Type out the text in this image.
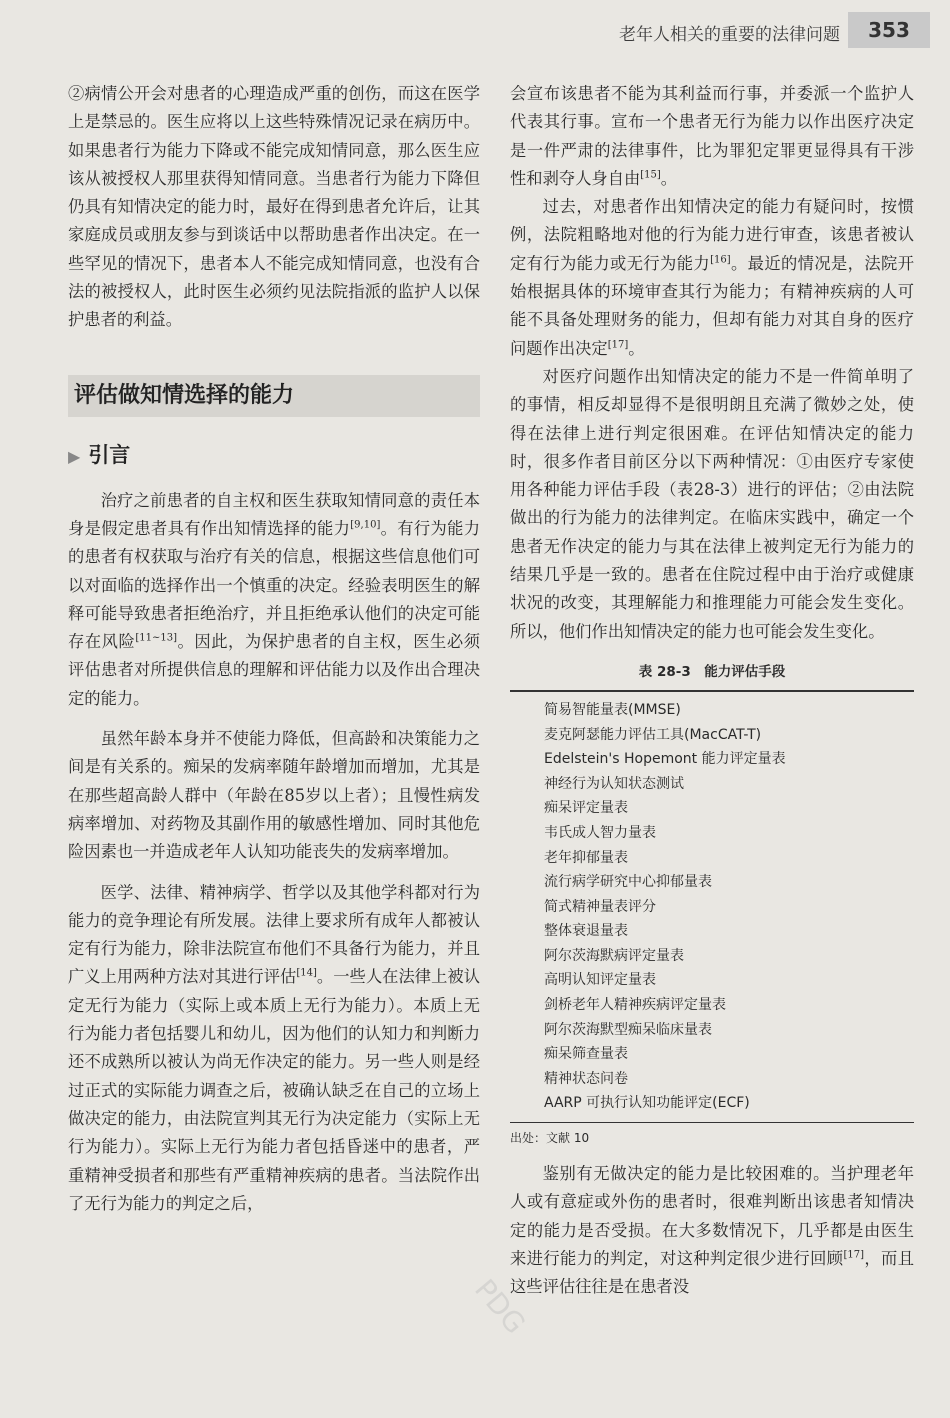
老年人相关的重要的法律问题	353

②病情公开会对患者的心理造成严重的创伤，而这在医学上是禁忌的。医生应将以上这些特殊情况记录在病历中。如果患者行为能力下降或不能完成知情同意，那么医生应该从被授权人那里获得知情同意。当患者行为能力下降但仍具有知情决定的能力时，最好在得到患者允许后，让其家庭成员或朋友参与到谈话中以帮助患者作出决定。在一些罕见的情况下，患者本人不能完成知情同意，也没有合法的被授权人，此时医生必须约见法院指派的监护人以保护患者的利益。

评估做知情选择的能力
▶ 引言

治疗之前患者的自主权和医生获取知情同意的责任本身是假定患者具有作出知情选择的能力[9,10]。有行为能力的患者有权获取与治疗有关的信息，根据这些信息他们可以对面临的选择作出一个慎重的决定。经验表明医生的解释可能导致患者拒绝治疗，并且拒绝承认他们的决定可能存在风险[11~13]。因此，为保护患者的自主权，医生必须评估患者对所提供信息的理解和评估能力以及作出合理决定的能力。

虽然年龄本身并不使能力降低，但高龄和决策能力之间是有关系的。痴呆的发病率随年龄增加而增加，尤其是在那些超高龄人群中（年龄在85岁以上者）；且慢性病发病率增加、对药物及其副作用的敏感性增加、同时其他危险因素也一并造成老年人认知功能丧失的发病率增加。

医学、法律、精神病学、哲学以及其他学科都对行为能力的竞争理论有所发展。法律上要求所有成年人都被认定有行为能力，除非法院宣布他们不具备行为能力，并且广义上用两种方法对其进行评估[14]。一些人在法律上被认定无行为能力（实际上或本质上无行为能力）。本质上无行为能力者包括婴儿和幼儿，因为他们的认知力和判断力还不成熟所以被认为尚无作决定的能力。另一些人则是经过正式的实际能力调查之后，被确认缺乏在自己的立场上做决定的能力，由法院宣判其无行为决定能力（实际上无行为能力）。实际上无行为能力者包括昏迷中的患者，严重精神受损者和那些有严重精神疾病的患者。当法院作出了无行为能力的判定之后，

会宣布该患者不能为其利益而行事，并委派一个监护人代表其行事。宣布一个患者无行为能力以作出医疗决定是一件严肃的法律事件，比为罪犯定罪更显得具有干涉性和剥夺人身自由[15]。

过去，对患者作出知情决定的能力有疑问时，按惯例，法院粗略地对他的行为能力进行审查，该患者被认定有行为能力或无行为能力[16]。最近的情况是，法院开始根据具体的环境审查其行为能力；有精神疾病的人可能不具备处理财务的能力，但却有能力对其自身的医疗问题作出决定[17]。

对医疗问题作出知情决定的能力不是一件简单明了的事情，相反却显得不是很明朗且充满了微妙之处，使得在法律上进行判定很困难。在评估知情决定的能力时，很多作者目前区分以下两种情况：①由医疗专家使用各种能力评估手段（表28-3）进行的评估；②由法院做出的行为能力的法律判定。在临床实践中，确定一个患者无作决定的能力与其在法律上被判定无行为能力的结果几乎是一致的。患者在住院过程中由于治疗或健康状况的改变，其理解能力和推理能力可能会发生变化。所以，他们作出知情决定的能力也可能会发生变化。

表 28-3　能力评估手段
简易智能量表(MMSE)
麦克阿瑟能力评估工具(MacCAT-T)
Edelstein's Hopemont 能力评定量表
神经行为认知状态测试
痴呆评定量表
韦氏成人智力量表
老年抑郁量表
流行病学研究中心抑郁量表
简式精神量表评分
整体衰退量表
阿尔茨海默病评定量表
高明认知评定量表
剑桥老年人精神疾病评定量表
阿尔茨海默型痴呆临床量表
痴呆筛查量表
精神状态问卷
AARP 可执行认知功能评定(ECF)
出处：文献 10

鉴别有无做决定的能力是比较困难的。当护理老年人或有意症或外伤的患者时，很难判断出该患者知情决定的能力是否受损。在大多数情况下，几乎都是由医生来进行能力的判定，对这种判定很少进行回顾[17]，而且这些评估往往是在患者没

PDG
